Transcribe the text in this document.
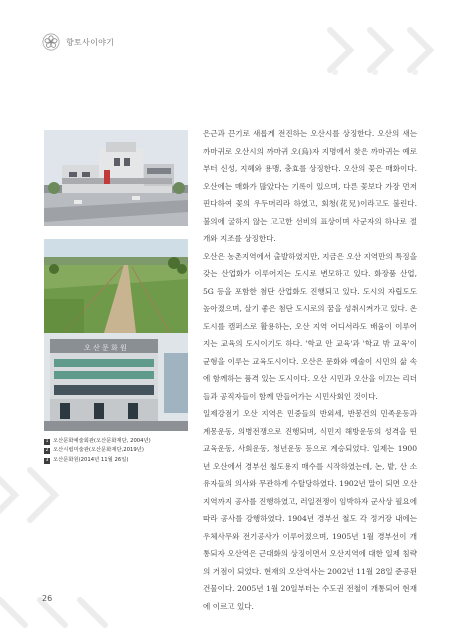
향토사이야기
오 산 문 화 원
1 오산문화예술회관(오산문화재단, 2004년)
2 오산시립미술관(오산문화재단,2019년)
3 오산문화원(2014년 11월 26일)

은근과 끈기로 새롭게 전진하는 오산시를 상징한다. 오산의 새는 까마귀로 오산시의 까마귀 오(烏)자 지명에서 찾은 까마귀는 예로부터 신성, 지혜와 용맹, 충효를 상징한다. 오산의 꽃은 매화이다. 오산에는 매화가 많았다는 기록이 있으며, 다른 꽃보다 가장 먼저 핀다하여 꽃의 우두머리라 하였고, 회청(花兄)이라고도 불린다. 불의에 굴하지 않는 고고한 선비의 표상이며 사군자의 하나로 절개와 지조를 상징한다.

오산은 농촌지역에서 출발하였지만, 지금은 오산 지역만의 특징을 갖는 산업화가 이루어지는 도시로 변모하고 있다. 화장품 산업, 5G 등을 포함한 첨단 산업화도 진행되고 있다. 도시의 자립도도 높아졌으며, 살기 좋은 첨단 도시로의 꿈을 성취시켜가고 있다. 온 도시를 캠퍼스로 활용하는, 오산 지역 어디서라도 배움이 이루어지는 교육의 도시이기도 하다. '학교 안 교육'과 '학교 밖 교육'이 균형을 이루는 교육도시이다. 오산은 문화와 예술이 시민의 삶 속에 함께하는 품격 있는 도시이다. 오산 시민과 오산을 이끄는 리더들과 공직자들이 함께 만들어가는 시민사회인 것이다.

일제강점기 오산 지역은 민중들의 반외세, 반봉건의 민족운동과 계몽운동, 의병전쟁으로 진행되며, 식민지 해방운동의 성격을 띤 교육운동, 사회운동, 청년운동 등으로 계승되었다. 일제는 1900년 오산에서 경부선 철도용지 매수를 시작하였는데, 논, 밭, 산 소유자들의 의사와 무관하게 수탈당하였다. 1902년 말이 되면 오산지역까지 공사를 진행하였고, 러일전쟁이 임박하자 군사상 필요에 따라 공사를 강행하였다. 1904년 경부선 철도 각 정거장 내에는 우체사무와 전기공사가 이루어졌으며, 1905년 1월 경부선이 개통되자 오산역은 근대화의 상징이면서 오산지역에 대한 일제 침략의 거점이 되었다. 현재의 오산역사는 2002년 11월 28일 준공된 건물이다. 2005년 1월 20일부터는 수도권 전철이 개통되어 현재에 이르고 있다.

26
